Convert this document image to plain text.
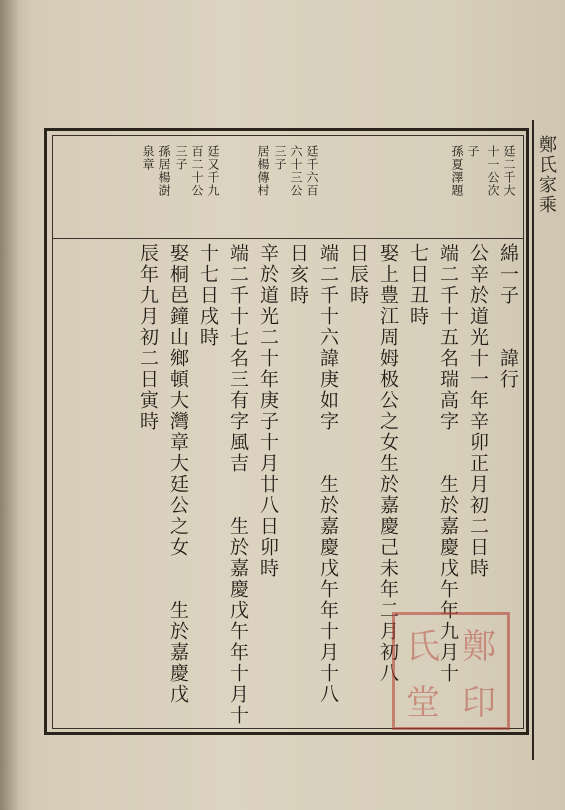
鄭氏家乘
廷二千大
十一公次
子
孫夏澤題
廷千六百
六十三公
三子
居楊傳村
廷又千九
百二十公
三子
孫居楊澍
泉章
綿一子　　諱行
公辛於道光十一年辛卯正月初二日時
端二千十五名瑞高字　　生於嘉慶戊午年九月十
七日丑時
娶上豊江周姆极公之女生於嘉慶己未年二月初八
日辰時
端二千十六諱庚如字　　生於嘉慶戊午年十月十八
日亥時
辛於道光二十年庚子十月廿八日卯時
端二千十七名三有字風吉　　生於嘉慶戊午年十月十
十七日戌時
娶桐邑鐘山鄉頓大灣章大廷公之女　　生於嘉慶戊
辰年九月初二日寅時
氏 鄭
堂 印
